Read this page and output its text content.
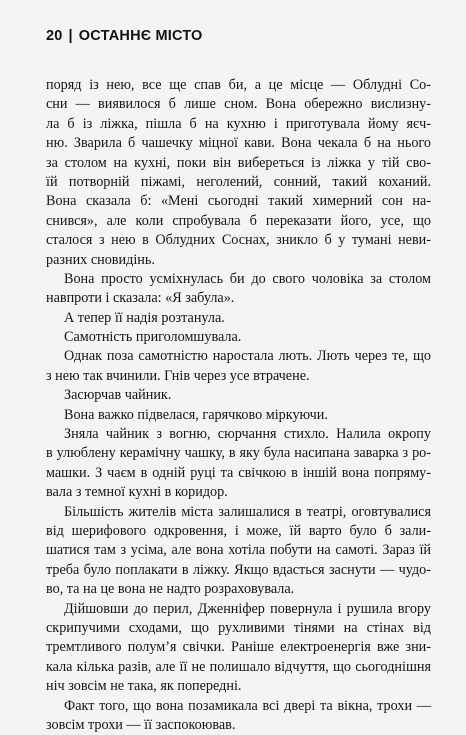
20 | ОСТАННЄ МІСТО
поряд із нею, все ще спав би, а це місце — Облудні Со-
сни — виявилося б лише сном. Вона обережно вислизну-
ла б із ліжка, пішла б на кухню і приготувала йому яєч-
ню. Зварила б чашечку міцної кави. Вона чекала б на нього
за столом на кухні, поки він вибереться із ліжка у тій сво-
їй потворній піжамі, неголений, сонний, такий коханий.
Вона сказала б: «Мені сьогодні такий химерний сон на-
снився», але коли спробувала б переказати його, усе, що
сталося з нею в Облудних Соснах, зникло б у тумані неви-
разних сновидінь.
Вона просто усміхнулась би до свого чоловіка за столом
навпроти і сказала: «Я забула».
А тепер її надія розтанула.
Самотність приголомшувала.
Однак поза самотністю наростала лють. Лють через те, що
з нею так вчинили. Гнів через усе втрачене.
Засюрчав чайник.
Вона важко підвелася, гарячково міркуючи.
Зняла чайник з вогню, сюрчання стихло. Налила окропу
в улюблену керамічну чашку, в яку була насипана заварка з ро-
машки. З чаєм в одній руці та свічкою в іншій вона попряму-
вала з темної кухні в коридор.
Більшість жителів міста залишалися в театрі, оговтувалися
від шерифового одкровення, і може, їй варто було б зали-
шатися там з усіма, але вона хотіла побути на самоті. Зараз їй
треба було поплакати в ліжку. Якщо вдасться заснути — чудо-
во, та на це вона не надто розраховувала.
Дійшовши до перил, Дженніфер повернула і рушила вгору
скрипучими сходами, що рухливими тінями на стінах від
тремтливого полум’я свічки. Раніше електроенергія вже зни-
кала кілька разів, але її не полишало відчуття, що сьогоднішня
ніч зовсім не така, як попередні.
Факт того, що вона позамикала всі двері та вікна, трохи —
зовсім трохи — її заспокоював.
